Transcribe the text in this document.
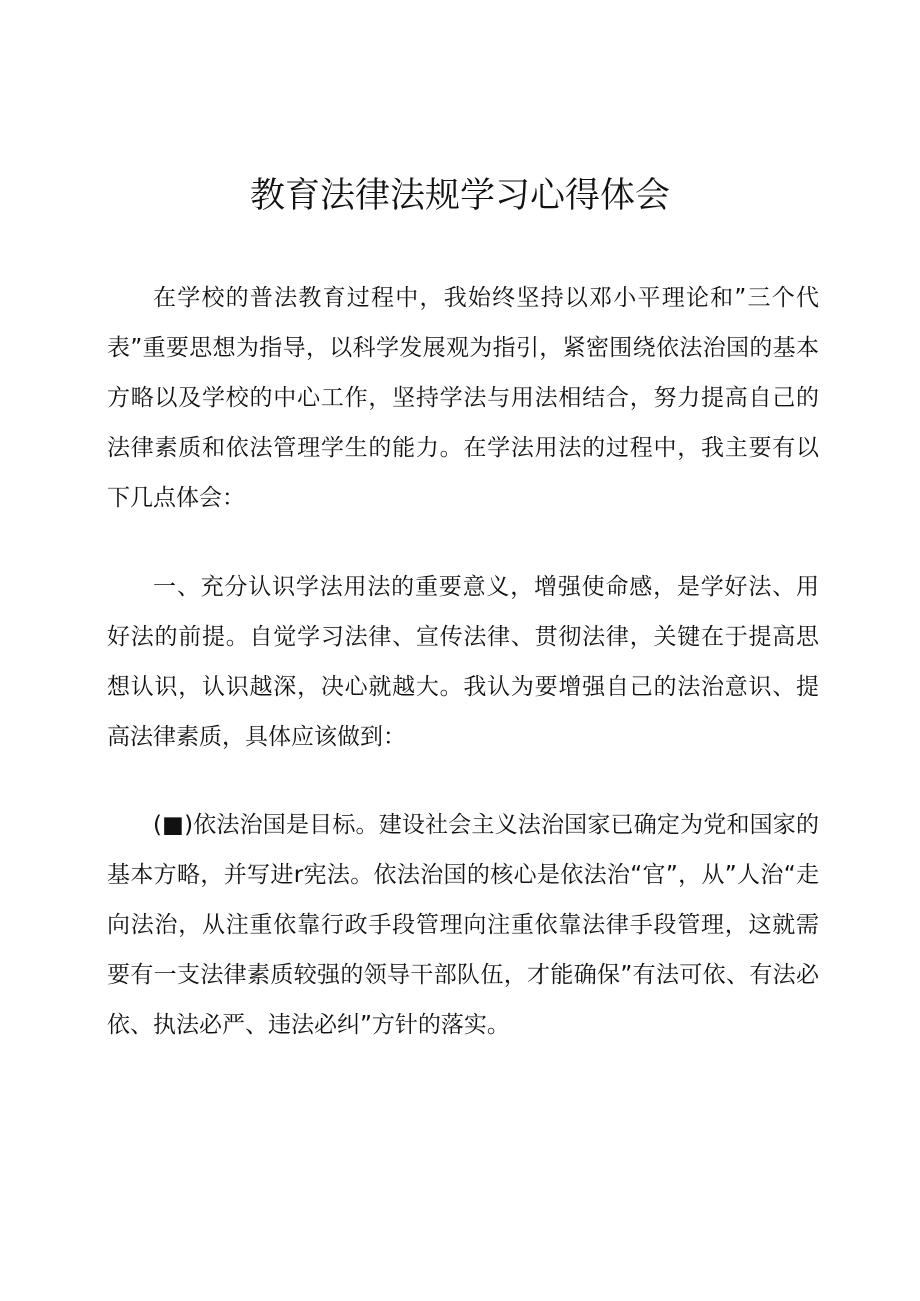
教育法律法规学习心得体会

在学校的普法教育过程中，我始终坚持以邓小平理论和”三个代表”重要思想为指导，以科学发展观为指引，紧密围绕依法治国的基本方略以及学校的中心工作，坚持学法与用法相结合，努力提高自己的法律素质和依法管理学生的能力。在学法用法的过程中，我主要有以下几点体会：

一、充分认识学法用法的重要意义，增强使命感，是学好法、用好法的前提。自觉学习法律、宣传法律、贯彻法律，关键在于提高思想认识，认识越深，决心就越大。我认为要增强自己的法治意识、提高法律素质，具体应该做到：

(■)依法治国是目标。建设社会主义法治国家已确定为党和国家的基本方略，并写进r宪法。依法治国的核心是依法治“官”，从”人治“走向法治，从注重依靠行政手段管理向注重依靠法律手段管理，这就需要有一支法律素质较强的领导干部队伍，才能确保”有法可依、有法必依、执法必严、违法必纠”方针的落实。
